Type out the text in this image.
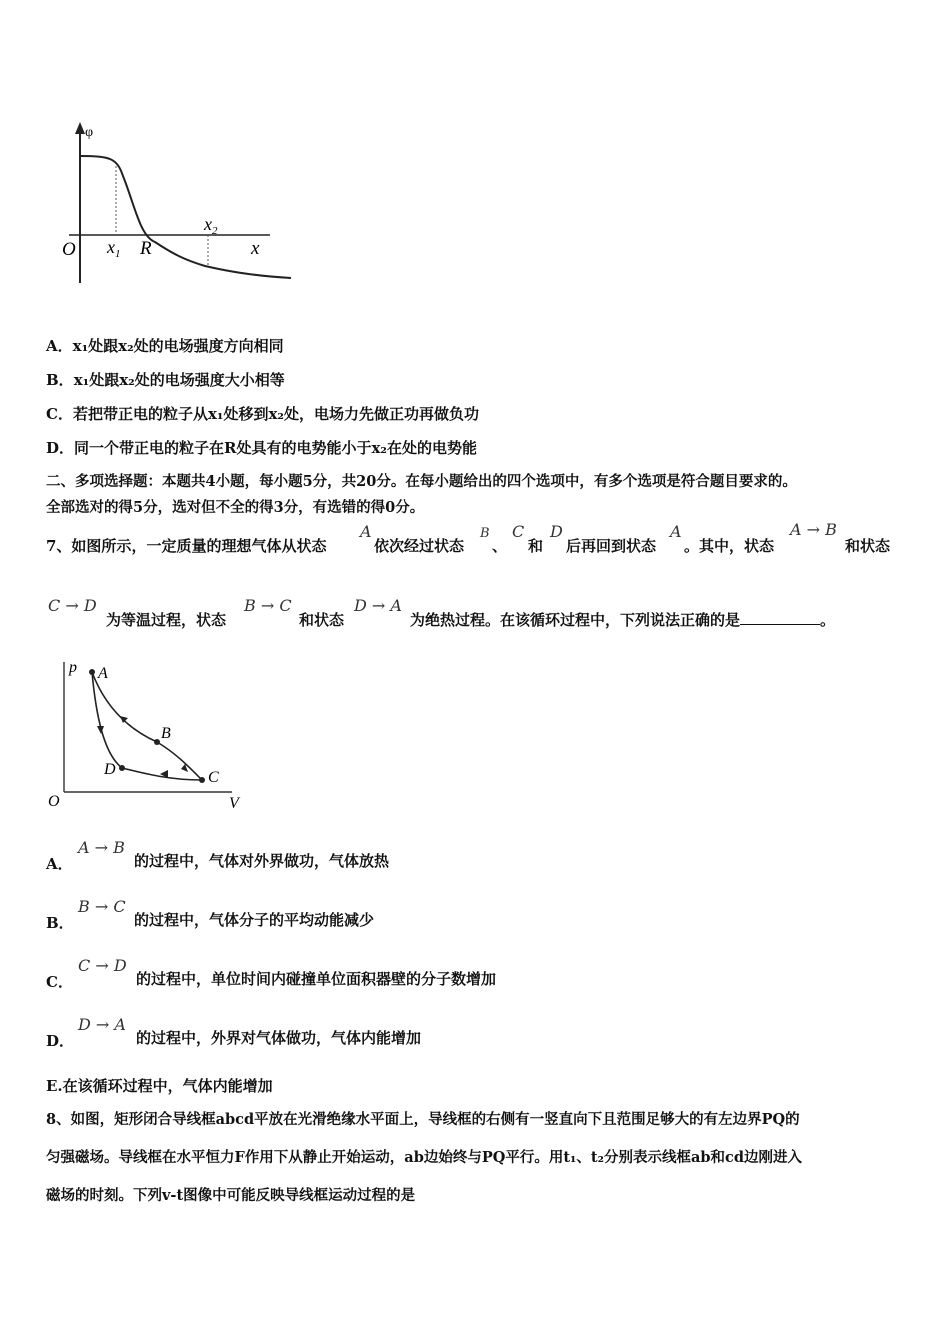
φ
O $x_1$ R
$x_2$
x
A．x₁处跟x₂处的电场强度方向相同
B．x₁处跟x₂处的电场强度大小相等
C．若把带正电的粒子从x₁处移到x₂处，电场力先做正功再做负功
D．同一个带正电的粒子在R处具有的电势能小于x₂在处的电势能
二、多项选择题：本题共4小题，每小题5分，共20分。在每小题给出的四个选项中，有多个选项是符合题目要求的。
全部选对的得5分，选对但不全的得3分，有选错的得0分。
7、如图所示，一定质量的理想气体从状态
A
依次经过状态
B
、
C
和
D
后再回到状态
A
。其中，状态
A → B
和状态
C → D
为等温过程，状态
B → C
和状态
D → A
为绝热过程。在该循环过程中，下列说法正确的是	。
p A
B
C
D
O	V
A．
A → B
的过程中，气体对外界做功，气体放热
B．
B → C
的过程中，气体分子的平均动能减少
C．
C → D
的过程中，单位时间内碰撞单位面积器壁的分子数增加
D．
D → A
的过程中，外界对气体做功，气体内能增加
E.在该循环过程中，气体内能增加
8、如图，矩形闭合导线框abcd平放在光滑绝缘水平面上，导线框的右侧有一竖直向下且范围足够大的有左边界PQ的
匀强磁场。导线框在水平恒力F作用下从静止开始运动，ab边始终与PQ平行。用t₁、t₂分别表示线框ab和cd边刚进入
磁场的时刻。下列v-t图像中可能反映导线框运动过程的是
